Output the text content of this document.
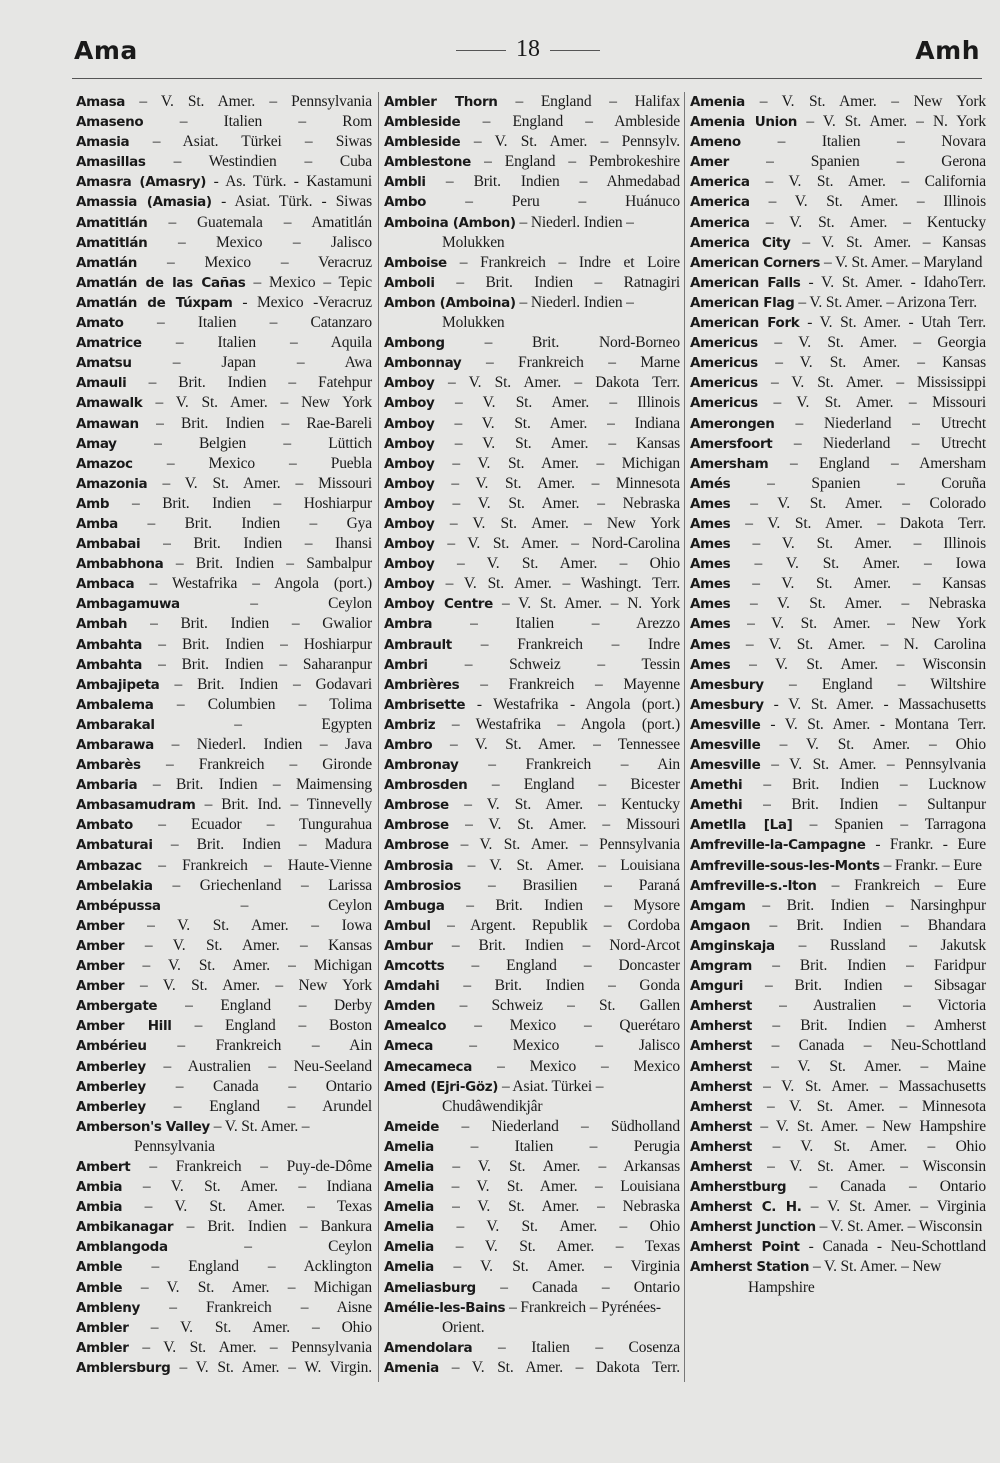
Ama	18	Amh
Amasa – V. St. Amer. – Pennsylvania
Amaseno – Italien – Rom
Amasia – Asiat. Türkei – Siwas
Amasillas – Westindien – Cuba
Amasra (Amasry) - As. Türk. - Kastamuni
Amassia (Amasia) - Asiat. Türk. - Siwas
Amatitlán – Guatemala – Amatitlán
Amatitlán – Mexico – Jalisco
Amatlán – Mexico – Veracruz
Amatlán de las Cañas – Mexico – Tepic
Amatlán de Túxpam - Mexico -Veracruz
Amato – Italien – Catanzaro
Amatrice – Italien – Aquila
Amatsu	– Japan – Awa
Amauli – Brit. Indien – Fatehpur
Amawalk – V. St. Amer. – New York
Amawan – Brit. Indien – Rae-Bareli
Amay – Belgien – Lüttich
Amazoc – Mexico – Puebla
Amazonia – V. St. Amer. – Missouri
Amb – Brit. Indien – Hoshiarpur
Amba – Brit. Indien – Gya
Ambabai – Brit. Indien – Ihansi
Ambabhona – Brit. Indien – Sambalpur
Ambaca – Westafrika – Angola (port.)
Ambagamuwa	– Ceylon
Ambah – Brit. Indien – Gwalior
Ambahta – Brit. Indien – Hoshiarpur
Ambahta – Brit. Indien – Saharanpur
Ambajipeta – Brit. Indien – Godavari
Ambalema – Columbien – Tolima
Ambarakal	– Egypten
Ambarawa – Niederl. Indien – Java
Ambarès – Frankreich – Gironde
Ambaria – Brit. Indien – Maimensing
Ambasamudram – Brit. Ind. – Tinnevelly
Ambato – Ecuador – Tungurahua
Ambaturai – Brit. Indien – Madura
Ambazac – Frankreich – Haute-Vienne
Ambelakia – Griechenland – Larissa
Ambépussa	– Ceylon
Amber – V. St. Amer. – Iowa
Amber – V. St. Amer. – Kansas
Amber – V. St. Amer. – Michigan
Amber – V. St. Amer. – New York
Ambergate – England – Derby
Amber Hill – England – Boston
Ambérieu – Frankreich – Ain
Amberley – Australien – Neu-Seeland
Amberley – Canada – Ontario
Amberley – England – Arundel
Amberson's Valley – V. St. Amer. – Pennsylvania
Ambert – Frankreich – Puy-de-Dôme
Ambia – V. St. Amer. – Indiana
Ambia – V. St. Amer. – Texas
Ambikanagar – Brit. Indien – Bankura
Amblangoda	– Ceylon
Amble – England – Acklington
Amble – V. St. Amer. – Michigan
Ambleny – Frankreich – Aisne
Ambler – V. St. Amer. – Ohio
Ambler – V. St. Amer. – Pennsylvania
Amblersburg – V. St. Amer. – W. Virgin.
Ambler Thorn – England – Halifax
Ambleside – England – Ambleside
Ambleside – V. St. Amer. – Pennsylv.
Amblestone – England – Pembrokeshire
Ambli – Brit. Indien – Ahmedabad
Ambo	– Peru – Huánuco
Amboina (Ambon) – Niederl. Indien – Molukken
Amboise – Frankreich – Indre et Loire
Amboli – Brit. Indien – Ratnagiri
Ambon (Amboina) – Niederl. Indien – Molukken
Ambong	– Brit. Nord-Borneo
Ambonnay – Frankreich – Marne
Amboy – V. St. Amer. – Dakota Terr.
Amboy – V. St. Amer. – Illinois
Amboy – V. St. Amer. – Indiana
Amboy – V. St. Amer. – Kansas
Amboy – V. St. Amer. – Michigan
Amboy – V. St. Amer. – Minnesota
Amboy – V. St. Amer. – Nebraska
Amboy – V. St. Amer. – New York
Amboy – V. St. Amer. – Nord-Carolina
Amboy – V. St. Amer. – Ohio
Amboy – V. St. Amer. – Washingt. Terr.
Amboy Centre – V. St. Amer. – N. York
Ambra – Italien – Arezzo
Ambrault – Frankreich – Indre
Ambri – Schweiz – Tessin
Ambrières – Frankreich – Mayenne
Ambrisette - Westafrika - Angola (port.)
Ambriz – Westafrika – Angola (port.)
Ambro – V. St. Amer. – Tennessee
Ambronay – Frankreich – Ain
Ambrosden – England – Bicester
Ambrose – V. St. Amer. – Kentucky
Ambrose – V. St. Amer. – Missouri
Ambrose – V. St. Amer. – Pennsylvania
Ambrosia – V. St. Amer. – Louisiana
Ambrosios – Brasilien – Paraná
Ambuga – Brit. Indien – Mysore
Ambul – Argent. Republik – Cordoba
Ambur – Brit. Indien – Nord-Arcot
Amcotts – England – Doncaster
Amdahi – Brit. Indien – Gonda
Amden – Schweiz – St. Gallen
Amealco – Mexico – Querétaro
Ameca – Mexico – Jalisco
Amecameca – Mexico – Mexico
Amed (Ejri-Göz) – Asiat. Türkei – Chudâwendikjâr
Ameide – Niederland – Südholland
Amelia – Italien – Perugia
Amelia – V. St. Amer. – Arkansas
Amelia – V. St. Amer. – Louisiana
Amelia – V. St. Amer. – Nebraska
Amelia – V. St. Amer. – Ohio
Amelia – V. St. Amer. – Texas
Amelia – V. St. Amer. – Virginia
Ameliasburg – Canada – Ontario
Amélie-les-Bains – Frankreich – Pyrénées-Orient.
Amendolara – Italien – Cosenza
Amenia – V. St. Amer. – Dakota Terr.
Amenia – V. St. Amer. – New York
Amenia Union – V. St. Amer. – N. York
Ameno – Italien – Novara
Amer – Spanien – Gerona
America – V. St. Amer. – California
America – V. St. Amer. – Illinois
America – V. St. Amer. – Kentucky
America City – V. St. Amer. – Kansas
American Corners – V. St. Amer. – Maryland
American Falls - V. St. Amer. - IdahoTerr.
American Flag – V. St. Amer. – Arizona Terr.
American Fork - V. St. Amer. - Utah Terr.
Americus – V. St. Amer. – Georgia
Americus – V. St. Amer. – Kansas
Americus – V. St. Amer. – Mississippi
Americus – V. St. Amer. – Missouri
Amerongen – Niederland – Utrecht
Amersfoort – Niederland – Utrecht
Amersham – England – Amersham
Amés – Spanien – Coruña
Ames – V. St. Amer. – Colorado
Ames – V. St. Amer. – Dakota Terr.
Ames – V. St. Amer. – Illinois
Ames – V. St. Amer. – Iowa
Ames – V. St. Amer. – Kansas
Ames – V. St. Amer. – Nebraska
Ames – V. St. Amer. – New York
Ames – V. St. Amer. – N. Carolina
Ames – V. St. Amer. – Wisconsin
Amesbury – England – Wiltshire
Amesbury - V. St. Amer. - Massachusetts
Amesville - V. St. Amer. - Montana Terr.
Amesville – V. St. Amer. – Ohio
Amesville – V. St. Amer. – Pennsylvania
Amethi – Brit. Indien – Lucknow
Amethi – Brit. Indien – Sultanpur
Ametlla [La] – Spanien – Tarragona
Amfreville-la-Campagne - Frankr. - Eure
Amfreville-sous-les-Monts – Frankr. – Eure
Amfreville-s.-Iton – Frankreich – Eure
Amgam – Brit. Indien – Narsinghpur
Amgaon – Brit. Indien – Bhandara
Amginskaja – Russland – Jakutsk
Amgram – Brit. Indien – Faridpur
Amguri – Brit. Indien – Sibsagar
Amherst – Australien – Victoria
Amherst – Brit. Indien – Amherst
Amherst – Canada – Neu-Schottland
Amherst – V. St. Amer. – Maine
Amherst – V. St. Amer. – Massachusetts
Amherst – V. St. Amer. – Minnesota
Amherst – V. St. Amer. – New Hampshire
Amherst – V. St. Amer. – Ohio
Amherst – V. St. Amer. – Wisconsin
Amherstburg – Canada – Ontario
Amherst C. H. – V. St. Amer. – Virginia
Amherst Junction – V. St. Amer. – Wisconsin
Amherst Point - Canada - Neu-Schottland
Amherst Station – V. St. Amer. – New Hampshire
